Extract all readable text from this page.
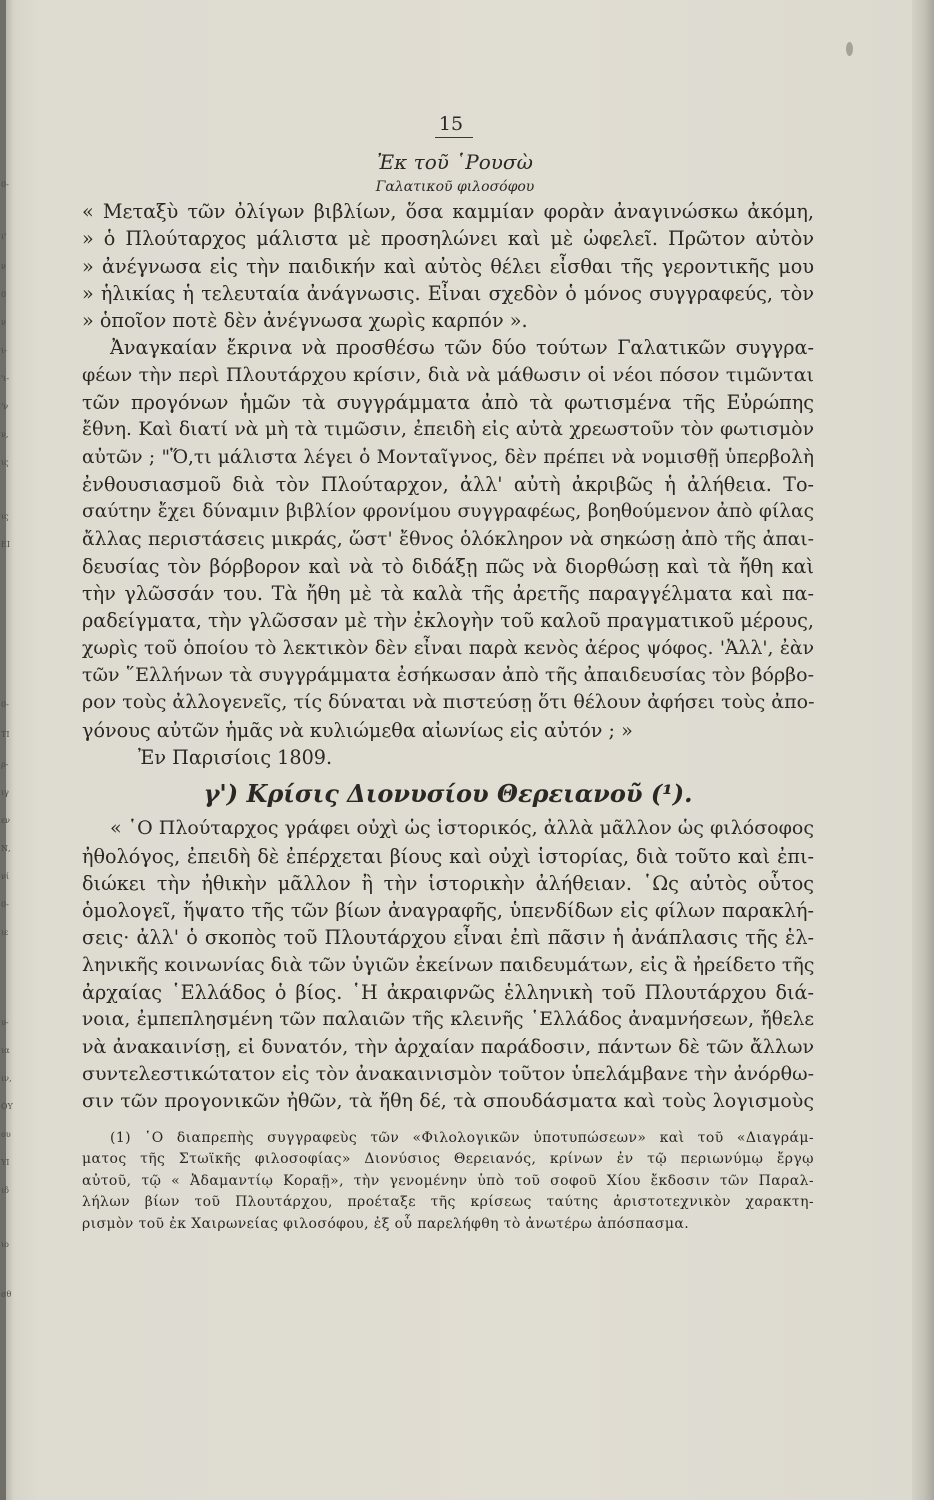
0-
ι'
ν
0
ν
ι-
'ι-
'ν
ν,
ις
ις
ΕΙ
0-
ΤΙ
ρ-
ιγ
εν
Ν,
νί
0-
ιε
υ-
ια
ιν,
ΟΥ
ου
ΥΙ
ιδ
ιο
σθ
15
Ἐκ τοῦ ῾Ρουσὼ
Γαλατικοῦ φιλοσόφου
« Μεταξὺ τῶν ὀλίγων βιβλίων, ὅσα καμμίαν φορὰν ἀναγινώσκω ἀκόμη,
» ὁ Πλούταρχος μάλιστα μὲ προσηλώνει καὶ μὲ ὠφελεῖ. Πρῶτον αὐτὸν
» ἀνέγνωσα εἰς τὴν παιδικήν καὶ αὐτὸς θέλει εἶσθαι τῆς γεροντικῆς μου
» ἡλικίας ἡ τελευταία ἀνάγνωσις. Εἶναι σχεδὸν ὁ μόνος συγγραφεύς, τὸν
» ὁποῖον ποτὲ δὲν ἀνέγνωσα χωρὶς καρπόν ».
Ἀναγκαίαν ἔκρινα νὰ προσθέσω τῶν δύο τούτων Γαλατικῶν συγγρα-
φέων τὴν περὶ Πλουτάρχου κρίσιν, διὰ νὰ μάθωσιν οἱ νέοι πόσον τιμῶνται
τῶν προγόνων ἡμῶν τὰ συγγράμματα ἀπὸ τὰ φωτισμένα τῆς Εὐρώπης
ἔθνη. Καὶ διατί νὰ μὴ τὰ τιμῶσιν, ἐπειδὴ εἰς αὐτὰ χρεωστοῦν τὸν φωτισμὸν
αὐτῶν ; "Ὅ,τι μάλιστα λέγει ὁ Μονταῖγνος, δὲν πρέπει νὰ νομισθῇ ὑπερβολὴ
ἐνθουσιασμοῦ διὰ τὸν Πλούταρχον, ἀλλ' αὐτὴ ἀκριβῶς ἡ ἀλήθεια. Το-
σαύτην ἔχει δύναμιν βιβλίον φρονίμου συγγραφέως, βοηθούμενον ἀπὸ φίλας
ἄλλας περιστάσεις μικράς, ὥστ' ἔθνος ὁλόκληρον νὰ σηκώσῃ ἀπὸ τῆς ἀπαι-
δευσίας τὸν βόρβορον καὶ νὰ τὸ διδάξῃ πῶς νὰ διορθώσῃ καὶ τὰ ἤθη καὶ
τὴν γλῶσσάν του. Τὰ ἤθη μὲ τὰ καλὰ τῆς ἀρετῆς παραγγέλματα καὶ πα-
ραδείγματα, τὴν γλῶσσαν μὲ τὴν ἐκλογὴν τοῦ καλοῦ πραγματικοῦ μέρους,
χωρὶς τοῦ ὁποίου τὸ λεκτικὸν δὲν εἶναι παρὰ κενὸς ἀέρος ψόφος. 'Ἀλλ', ἐὰν
τῶν ῞Ελλήνων τὰ συγγράμματα ἐσήκωσαν ἀπὸ τῆς ἀπαιδευσίας τὸν βόρβο-
ρον τοὺς ἀλλογενεῖς, τίς δύναται νὰ πιστεύσῃ ὅτι θέλουν ἀφήσει τοὺς ἀπο-
γόνους αὐτῶν ἡμᾶς νὰ κυλιώμεθα αἰωνίως εἰς αὐτόν ; »
Ἐν Παρισίοις 1809.
γ') Κρίσις Διονυσίου Θερειανοῦ (¹).
« ῾Ο Πλούταρχος γράφει οὐχὶ ὡς ἱστορικός, ἀλλὰ μᾶλλον ὡς φιλόσοφος
ἠθολόγος, ἐπειδὴ δὲ ἐπέρχεται βίους καὶ οὐχὶ ἱστορίας, διὰ τοῦτο καὶ ἐπι-
διώκει τὴν ἠθικὴν μᾶλλον ἢ τὴν ἱστορικὴν ἀλήθειαν. ῾Ως αὐτὸς οὗτος
ὁμολογεῖ, ἥψατο τῆς τῶν βίων ἀναγραφῆς, ὑπενδίδων εἰς φίλων παρακλή-
σεις· ἀλλ' ὁ σκοπὸς τοῦ Πλουτάρχου εἶναι ἐπὶ πᾶσιν ἡ ἀνάπλασις τῆς ἑλ-
ληνικῆς κοινωνίας διὰ τῶν ὑγιῶν ἐκείνων παιδευμάτων, εἰς ἃ ἠρείδετο τῆς
ἀρχαίας ῾Ελλάδος ὁ βίος. ῾Η ἀκραιφνῶς ἑλληνικὴ τοῦ Πλουτάρχου διά-
νοια, ἐμπεπλησμένη τῶν παλαιῶν τῆς κλεινῆς ῾Ελλάδος ἀναμνήσεων, ἤθελε
νὰ ἀνακαινίσῃ, εἰ δυνατόν, τὴν ἀρχαίαν παράδοσιν, πάντων δὲ τῶν ἄλλων
συντελεστικώτατον εἰς τὸν ἀνακαινισμὸν τοῦτον ὑπελάμβανε τὴν ἀνόρθω-
σιν τῶν προγονικῶν ἠθῶν, τὰ ἤθη δέ, τὰ σπουδάσματα καὶ τοὺς λογισμοὺς
(1) ῾Ο διαπρεπὴς συγγραφεὺς τῶν «Φιλολογικῶν ὑποτυπώσεων» καὶ τοῦ «Διαγράμ-
ματος τῆς Στωϊκῆς φιλοσοφίας» Διονύσιος Θερειανός, κρίνων ἐν τῷ περιωνύμῳ ἔργῳ
αὐτοῦ, τῷ « Ἀδαμαντίῳ Κοραῇ», τὴν γενομένην ὑπὸ τοῦ σοφοῦ Χίου ἔκδοσιν τῶν Παραλ-
λήλων βίων τοῦ Πλουτάρχου, προέταξε τῆς κρίσεως ταύτης ἀριστοτεχνικὸν χαρακτη-
ρισμὸν τοῦ ἐκ Χαιρωνείας φιλοσόφου, ἐξ οὗ παρελήφθη τὸ ἀνωτέρω ἀπόσπασμα.
